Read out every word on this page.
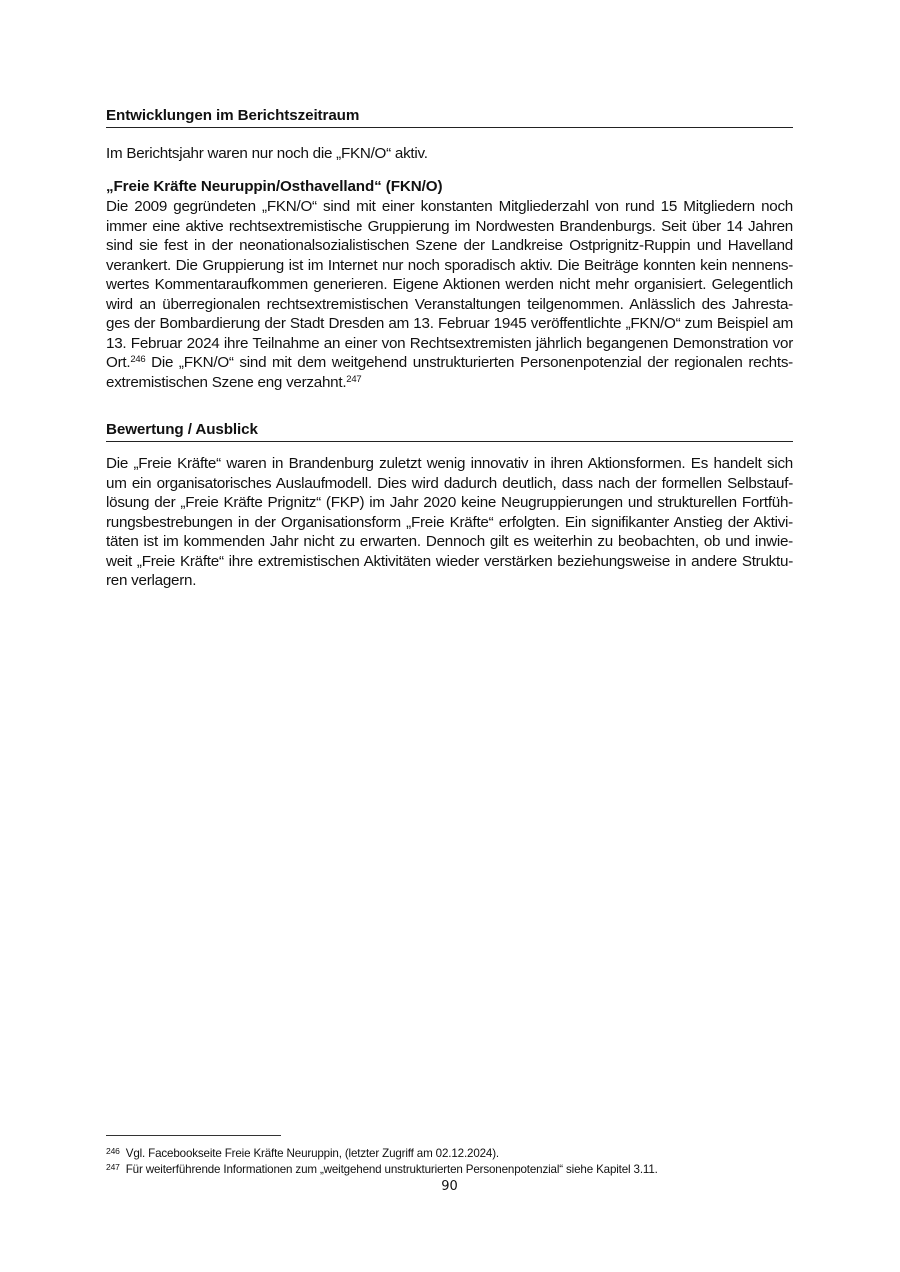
Entwicklungen im Berichtszeitraum
Im Berichtsjahr waren nur noch die „FKN/O“ aktiv.
„Freie Kräfte Neuruppin/Osthavelland“ (FKN/O)
Die 2009 gegründeten „FKN/O“ sind mit einer konstanten Mitgliederzahl von rund 15 Mitgliedern noch
immer eine aktive rechtsextremistische Gruppierung im Nordwesten Brandenburgs. Seit über 14 Jahren
sind sie fest in der neonationalsozialistischen Szene der Landkreise Ostprignitz-Ruppin und Havelland
verankert. Die Gruppierung ist im Internet nur noch sporadisch aktiv. Die Beiträge konnten kein nennens-
wertes Kommentaraufkommen generieren. Eigene Aktionen werden nicht mehr organisiert. Gelegentlich
wird an überregionalen rechtsextremistischen Veranstaltungen teilgenommen. Anlässlich des Jahresta-
ges der Bombardierung der Stadt Dresden am 13. Februar 1945 veröffentlichte „FKN/O“ zum Beispiel am
13. Februar 2024 ihre Teilnahme an einer von Rechtsextremisten jährlich begangenen Demonstration vor
Ort.$^{246}$ Die „FKN/O“ sind mit dem weitgehend unstrukturierten Personenpotenzial der regionalen rechts-
extremistischen Szene eng verzahnt.$^{247}$
Bewertung / Ausblick
Die „Freie Kräfte“ waren in Brandenburg zuletzt wenig innovativ in ihren Aktionsformen. Es handelt sich
um ein organisatorisches Auslaufmodell. Dies wird dadurch deutlich, dass nach der formellen Selbstauf-
lösung der „Freie Kräfte Prignitz“ (FKP) im Jahr 2020 keine Neugruppierungen und strukturellen Fortfüh-
rungsbestrebungen in der Organisationsform „Freie Kräfte“ erfolgten. Ein signifikanter Anstieg der Aktivi-
täten ist im kommenden Jahr nicht zu erwarten. Dennoch gilt es weiterhin zu beobachten, ob und inwie-
weit „Freie Kräfte“ ihre extremistischen Aktivitäten wieder verstärken beziehungsweise in andere Struktu-
ren verlagern.
$^{246}$ Vgl. Facebookseite Freie Kräfte Neuruppin, (letzter Zugriff am 02.12.2024).
$^{247}$ Für weiterführende Informationen zum „weitgehend unstrukturierten Personenpotenzial“ siehe Kapitel 3.11.
90
